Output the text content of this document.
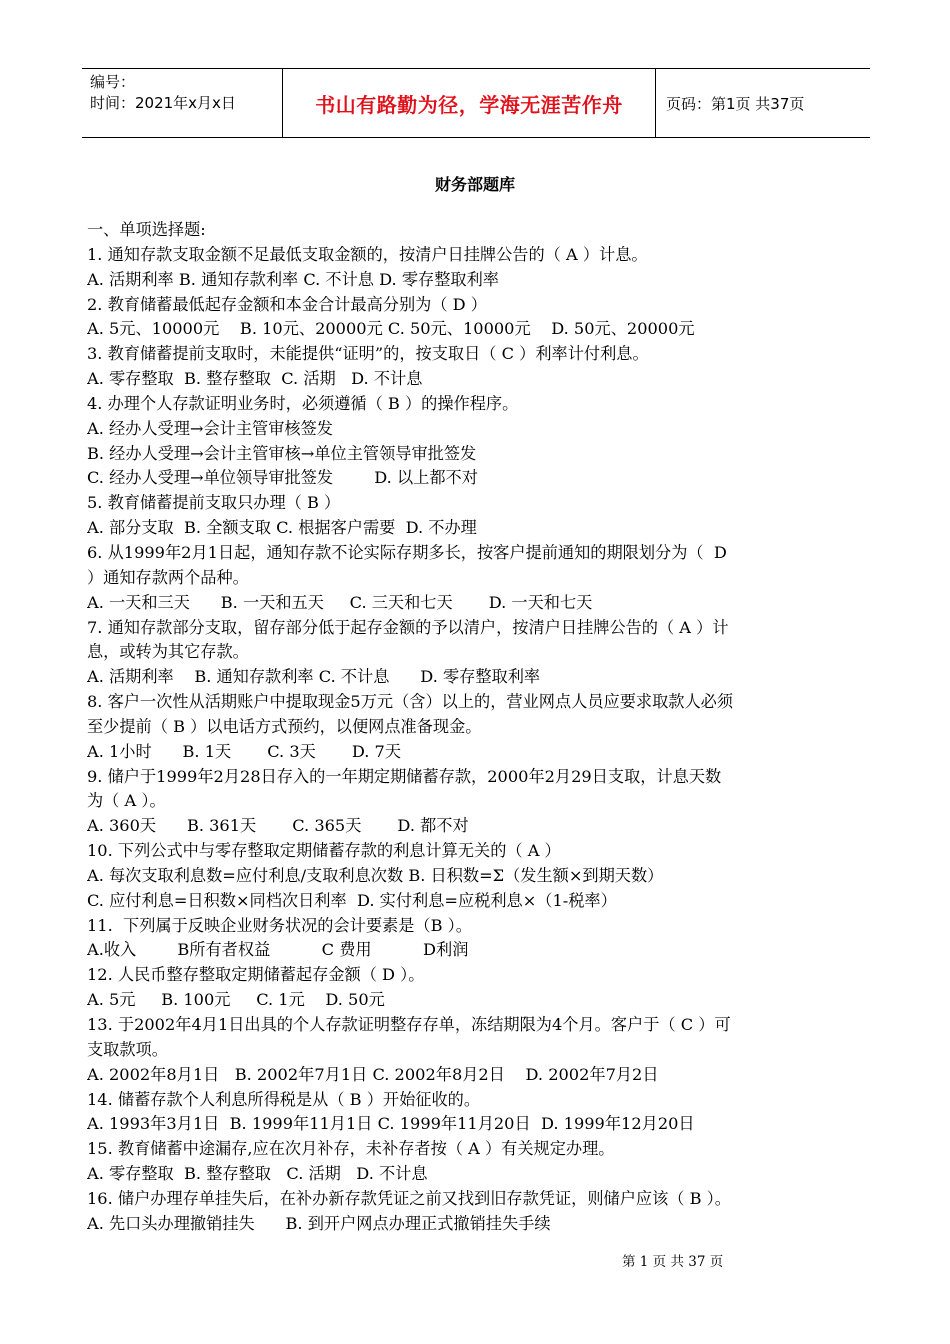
编号：
时间：2021年x月x日	书山有路勤为径，学海无涯苦作舟	页码：第1页 共37页
财务部题库
一、单项选择题:
1. 通知存款支取金额不足最低支取金额的，按清户日挂牌公告的（ A ）计息。
A. 活期利率 B. 通知存款利率 C. 不计息 D. 零存整取利率
2. 教育储蓄最低起存金额和本金合计最高分别为（ D ）
A. 5元、10000元    B. 10元、20000元 C. 50元、10000元    D. 50元、20000元
3. 教育储蓄提前支取时，未能提供“证明”的，按支取日（ C ）利率计付利息。
A. 零存整取  B. 整存整取  C. 活期   D. 不计息
4. 办理个人存款证明业务时，必须遵循（ B ）的操作程序。
A. 经办人受理→会计主管审核签发
B. 经办人受理→会计主管审核→单位主管领导审批签发
C. 经办人受理→单位领导审批签发        D. 以上都不对
5. 教育储蓄提前支取只办理（ B ）
A. 部分支取  B. 全额支取 C. 根据客户需要  D. 不办理
6. 从1999年2月1日起，通知存款不论实际存期多长，按客户提前通知的期限划分为（  D
）通知存款两个品种。
A. 一天和三天      B. 一天和五天     C. 三天和七天       D. 一天和七天
7. 通知存款部分支取，留存部分低于起存金额的予以清户，按清户日挂牌公告的（ A ）计
息，或转为其它存款。
A. 活期利率    B. 通知存款利率 C. 不计息      D. 零存整取利率
8. 客户一次性从活期账户中提取现金5万元（含）以上的，营业网点人员应要求取款人必须
至少提前（ B ）以电话方式预约，以便网点准备现金。
A. 1小时      B. 1天       C. 3天       D. 7天
9. 储户于1999年2月28日存入的一年期定期储蓄存款，2000年2月29日支取，计息天数
为（ A ）。
A. 360天      B. 361天       C. 365天       D. 都不对
10. 下列公式中与零存整取定期储蓄存款的利息计算无关的（ A ）
A. 每次支取利息数=应付利息/支取利息次数 B. 日积数=Σ（发生额×到期天数）
C. 应付利息=日积数×同档次日利率  D. 实付利息=应税利息×（1-税率）
11.  下列属于反映企业财务状况的会计要素是（B ）。
A.收入        B所有者权益          C 费用          D利润
12. 人民币整存整取定期储蓄起存金额（ D ）。
A. 5元     B. 100元     C. 1元    D. 50元
13. 于2002年4月1日出具的个人存款证明整存存单，冻结期限为4个月。客户于（ C ）可
支取款项。
A. 2002年8月1日   B. 2002年7月1日 C. 2002年8月2日    D. 2002年7月2日
14. 储蓄存款个人利息所得税是从（ B ）开始征收的。
A. 1993年3月1日  B. 1999年11月1日 C. 1999年11月20日  D. 1999年12月20日
15. 教育储蓄中途漏存,应在次月补存，未补存者按（ A ）有关规定办理。
A. 零存整取  B. 整存整取   C. 活期   D. 不计息
16. 储户办理存单挂失后，在补办新存款凭证之前又找到旧存款凭证，则储户应该（ B ）。
A. 先口头办理撤销挂失      B. 到开户网点办理正式撤销挂失手续
第 1 页 共 37 页
